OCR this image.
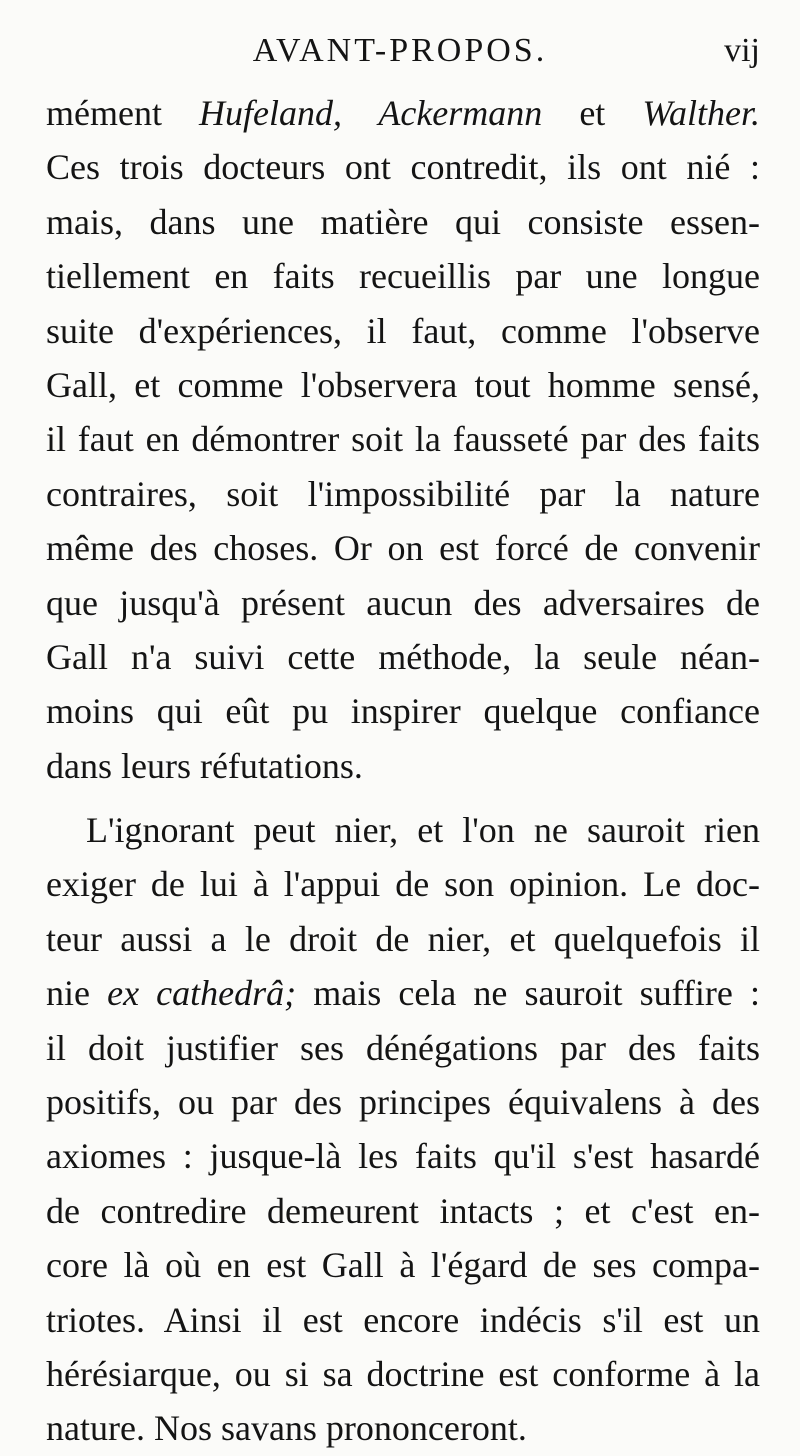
AVANT-PROPOS.	vij
mément Hufeland, Ackermann et Walther.
Ces trois docteurs ont contredit, ils ont nié :
mais, dans une matière qui consiste essen-
tiellement en faits recueillis par une longue
suite d'expériences, il faut, comme l'observe
Gall, et comme l'observera tout homme sensé,
il faut en démontrer soit la fausseté par des faits
contraires, soit l'impossibilité par la nature
même des choses. Or on est forcé de convenir
que jusqu'à présent aucun des adversaires de
Gall n'a suivi cette méthode, la seule néan-
moins qui eût pu inspirer quelque confiance
dans leurs réfutations.
L'ignorant peut nier, et l'on ne sauroit rien
exiger de lui à l'appui de son opinion. Le doc-
teur aussi a le droit de nier, et quelquefois il
nie ex cathedrâ; mais cela ne sauroit suffire :
il doit justifier ses dénégations par des faits
positifs, ou par des principes équivalens à des
axiomes : jusque-là les faits qu'il s'est hasardé
de contredire demeurent intacts ; et c'est en-
core là où en est Gall à l'égard de ses compa-
triotes. Ainsi il est encore indécis s'il est un
hérésiarque, ou si sa doctrine est conforme à la
nature. Nos savans prononceront.
